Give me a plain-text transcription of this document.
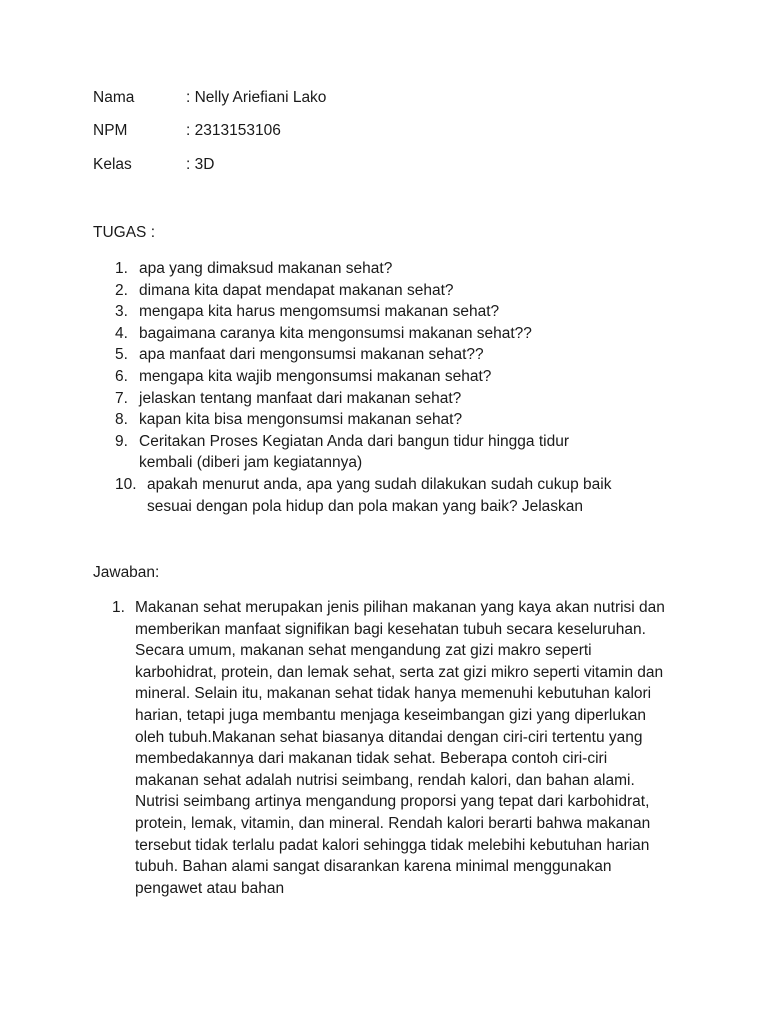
Nama	: Nelly Ariefiani Lako
NPM	: 2313153106
Kelas	: 3D
TUGAS :
1. apa yang dimaksud makanan sehat?
2. dimana kita dapat mendapat makanan sehat?
3. mengapa kita harus mengomsumsi makanan sehat?
4. bagaimana caranya kita mengonsumsi makanan sehat??
5. apa manfaat dari mengonsumsi makanan sehat??
6. mengapa kita wajib mengonsumsi makanan sehat?
7. jelaskan tentang manfaat dari makanan sehat?
8. kapan kita bisa mengonsumsi makanan sehat?
9. Ceritakan Proses Kegiatan Anda dari bangun tidur hingga tidur
kembali (diberi jam kegiatannya)
10. apakah menurut anda, apa yang sudah dilakukan sudah cukup baik
sesuai dengan pola hidup dan pola makan yang baik? Jelaskan
Jawaban:
1. Makanan sehat merupakan jenis pilihan makanan yang kaya akan nutrisi dan memberikan manfaat signifikan bagi kesehatan tubuh secara keseluruhan. Secara umum, makanan sehat mengandung zat gizi makro seperti karbohidrat, protein, dan lemak sehat, serta zat gizi mikro seperti vitamin dan mineral. Selain itu, makanan sehat tidak hanya memenuhi kebutuhan kalori harian, tetapi juga membantu menjaga keseimbangan gizi yang diperlukan oleh tubuh.Makanan sehat biasanya ditandai dengan ciri-ciri tertentu yang membedakannya dari makanan tidak sehat. Beberapa contoh ciri-ciri makanan sehat adalah nutrisi seimbang, rendah kalori, dan bahan alami. Nutrisi seimbang artinya mengandung proporsi yang tepat dari karbohidrat, protein, lemak, vitamin, dan mineral. Rendah kalori berarti bahwa makanan tersebut tidak terlalu padat kalori sehingga tidak melebihi kebutuhan harian tubuh. Bahan alami sangat disarankan karena minimal menggunakan pengawet atau bahan
